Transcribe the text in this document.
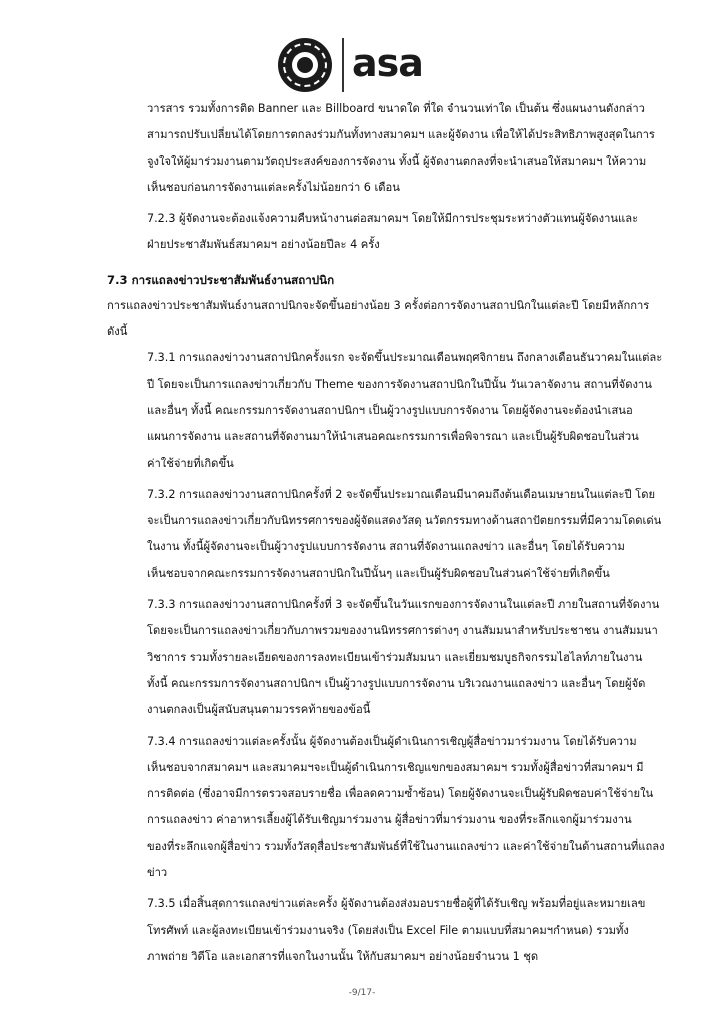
asa
วารสาร รวมทั้งการติด Banner และ Billboard ขนาดใด ที่ใด จำนวนเท่าใด เป็นต้น ซึ่งแผนงานดังกล่าว
สามารถปรับเปลี่ยนได้โดยการตกลงร่วมกันทั้งทางสมาคมฯ และผู้จัดงาน เพื่อให้ได้ประสิทธิภาพสูงสุดในการ
จูงใจให้ผู้มาร่วมงานตามวัตถุประสงค์ของการจัดงาน ทั้งนี้ ผู้จัดงานตกลงที่จะนำเสนอให้สมาคมฯ ให้ความ
เห็นชอบก่อนการจัดงานแต่ละครั้งไม่น้อยกว่า 6 เดือน
7.2.3 ผู้จัดงานจะต้องแจ้งความคืบหน้างานต่อสมาคมฯ โดยให้มีการประชุมระหว่างตัวแทนผู้จัดงานและ
ฝ่ายประชาสัมพันธ์สมาคมฯ อย่างน้อยปีละ 4 ครั้ง
7.3 การแถลงข่าวประชาสัมพันธ์งานสถาปนิก
การแถลงข่าวประชาสัมพันธ์งานสถาปนิกจะจัดขึ้นอย่างน้อย 3 ครั้งต่อการจัดงานสถาปนิกในแต่ละปี โดยมีหลักการ
ดังนี้
7.3.1 การแถลงข่าวงานสถาปนิกครั้งแรก จะจัดขึ้นประมาณเดือนพฤศจิกายน ถึงกลางเดือนธันวาคมในแต่ละ
ปี โดยจะเป็นการแถลงข่าวเกี่ยวกับ Theme ของการจัดงานสถาปนิกในปีนั้น วันเวลาจัดงาน สถานที่จัดงาน
และอื่นๆ ทั้งนี้ คณะกรรมการจัดงานสถาปนิกฯ เป็นผู้วางรูปแบบการจัดงาน โดยผู้จัดงานจะต้องนำเสนอ
แผนการจัดงาน และสถานที่จัดงานมาให้นำเสนอคณะกรรมการเพื่อพิจารณา และเป็นผู้รับผิดชอบในส่วน
ค่าใช้จ่ายที่เกิดขึ้น
7.3.2 การแถลงข่าวงานสถาปนิกครั้งที่ 2 จะจัดขึ้นประมาณเดือนมีนาคมถึงต้นเดือนเมษายนในแต่ละปี โดย
จะเป็นการแถลงข่าวเกี่ยวกับนิทรรศการของผู้จัดแสดงวัสดุ นวัตกรรมทางด้านสถาปัตยกรรมที่มีความโดดเด่น
ในงาน ทั้งนี้ผู้จัดงานจะเป็นผู้วางรูปแบบการจัดงาน สถานที่จัดงานแถลงข่าว และอื่นๆ โดยได้รับความ
เห็นชอบจากคณะกรรมการจัดงานสถาปนิกในปีนั้นๆ และเป็นผู้รับผิดชอบในส่วนค่าใช้จ่ายที่เกิดขึ้น
7.3.3 การแถลงข่าวงานสถาปนิกครั้งที่ 3 จะจัดขึ้นในวันแรกของการจัดงานในแต่ละปี ภายในสถานที่จัดงาน
โดยจะเป็นการแถลงข่าวเกี่ยวกับภาพรวมของงานนิทรรศการต่างๆ งานสัมมนาสำหรับประชาชน งานสัมมนา
วิชาการ รวมทั้งรายละเอียดของการลงทะเบียนเข้าร่วมสัมมนา และเยี่ยมชมบูธกิจกรรมไฮไลท์ภายในงาน
ทั้งนี้ คณะกรรมการจัดงานสถาปนิกฯ เป็นผู้วางรูปแบบการจัดงาน บริเวณงานแถลงข่าว และอื่นๆ โดยผู้จัด
งานตกลงเป็นผู้สนับสนุนตามวรรคท้ายของข้อนี้
7.3.4 การแถลงข่าวแต่ละครั้งนั้น ผู้จัดงานต้องเป็นผู้ดำเนินการเชิญผู้สื่อข่าวมาร่วมงาน โดยได้รับความ
เห็นชอบจากสมาคมฯ และสมาคมฯจะเป็นผู้ดำเนินการเชิญแขกของสมาคมฯ รวมทั้งผู้สื่อข่าวที่สมาคมฯ มี
การติดต่อ (ซึ่งอาจมีการตรวจสอบรายชื่อ เพื่อลดความซ้ำซ้อน) โดยผู้จัดงานจะเป็นผู้รับผิดชอบค่าใช้จ่ายใน
การแถลงข่าว ค่าอาหารเลี้ยงผู้ได้รับเชิญมาร่วมงาน ผู้สื่อข่าวที่มาร่วมงาน ของที่ระลึกแจกผู้มาร่วมงาน
ของที่ระลึกแจกผู้สื่อข่าว รวมทั้งวัสดุสื่อประชาสัมพันธ์ที่ใช้ในงานแถลงข่าว และค่าใช้จ่ายในด้านสถานที่แถลง
ข่าว
7.3.5 เมื่อสิ้นสุดการแถลงข่าวแต่ละครั้ง ผู้จัดงานต้องส่งมอบรายชื่อผู้ที่ได้รับเชิญ พร้อมที่อยู่และหมายเลข
โทรศัพท์ และผู้ลงทะเบียนเข้าร่วมงานจริง (โดยส่งเป็น Excel File ตามแบบที่สมาคมฯกำหนด) รวมทั้ง
ภาพถ่าย วิดีโอ และเอกสารที่แจกในงานนั้น ให้กับสมาคมฯ อย่างน้อยจำนวน 1 ชุด
-9/17-
